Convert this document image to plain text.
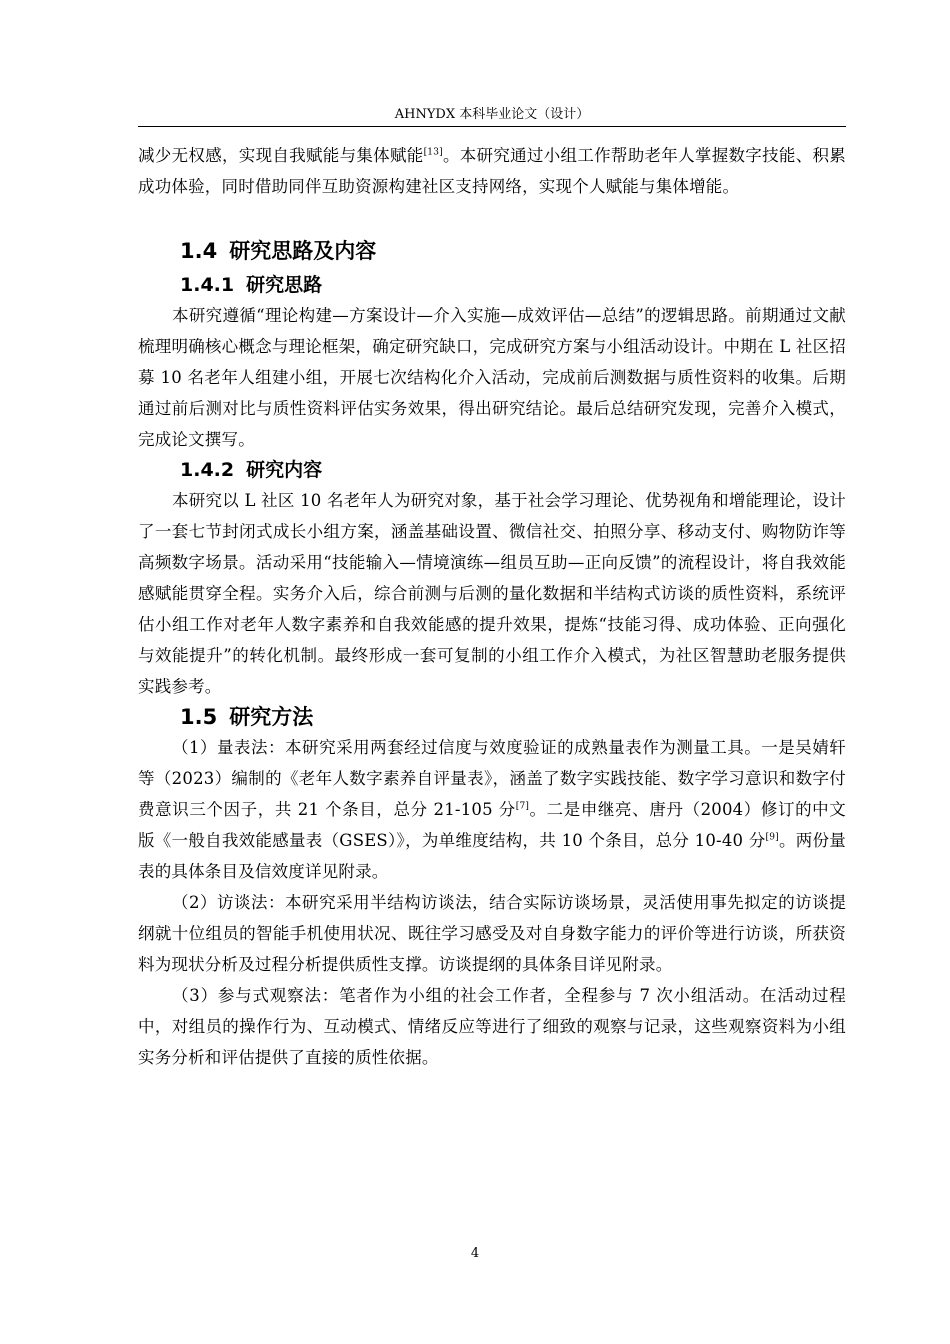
AHNYDX 本科毕业论文（设计）

减少无权感，实现自我赋能与集体赋能[13]。本研究通过小组工作帮助老年人掌握数字技能、积累成功体验，同时借助同伴互助资源构建社区支持网络，实现个人赋能与集体增能。

1.4 研究思路及内容
1.4.1 研究思路

本研究遵循“理论构建—方案设计—介入实施—成效评估—总结”的逻辑思路。前期通过文献梳理明确核心概念与理论框架，确定研究缺口，完成研究方案与小组活动设计。中期在 L 社区招募 10 名老年人组建小组，开展七次结构化介入活动，完成前后测数据与质性资料的收集。后期通过前后测对比与质性资料评估实务效果，得出研究结论。最后总结研究发现，完善介入模式，完成论文撰写。

1.4.2 研究内容

本研究以 L 社区 10 名老年人为研究对象，基于社会学习理论、优势视角和增能理论，设计了一套七节封闭式成长小组方案，涵盖基础设置、微信社交、拍照分享、移动支付、购物防诈等高频数字场景。活动采用“技能输入—情境演练—组员互助—正向反馈”的流程设计，将自我效能感赋能贯穿全程。实务介入后，综合前测与后测的量化数据和半结构式访谈的质性资料，系统评估小组工作对老年人数字素养和自我效能感的提升效果，提炼“技能习得、成功体验、正向强化与效能提升”的转化机制。最终形成一套可复制的小组工作介入模式，为社区智慧助老服务提供实践参考。

1.5 研究方法

（1）量表法：本研究采用两套经过信度与效度验证的成熟量表作为测量工具。一是吴婧轩等（2023）编制的《老年人数字素养自评量表》，涵盖了数字实践技能、数字学习意识和数字付费意识三个因子，共 21 个条目，总分 21-105 分[7]。二是申继亮、唐丹（2004）修订的中文版《一般自我效能感量表（GSES）》，为单维度结构，共 10 个条目，总分 10-40 分[9]。两份量表的具体条目及信效度详见附录。

（2）访谈法：本研究采用半结构访谈法，结合实际访谈场景，灵活使用事先拟定的访谈提纲就十位组员的智能手机使用状况、既往学习感受及对自身数字能力的评价等进行访谈，所获资料为现状分析及过程分析提供质性支撑。访谈提纲的具体条目详见附录。

（3）参与式观察法：笔者作为小组的社会工作者，全程参与 7 次小组活动。在活动过程中，对组员的操作行为、互动模式、情绪反应等进行了细致的观察与记录，这些观察资料为小组实务分析和评估提供了直接的质性依据。

4
